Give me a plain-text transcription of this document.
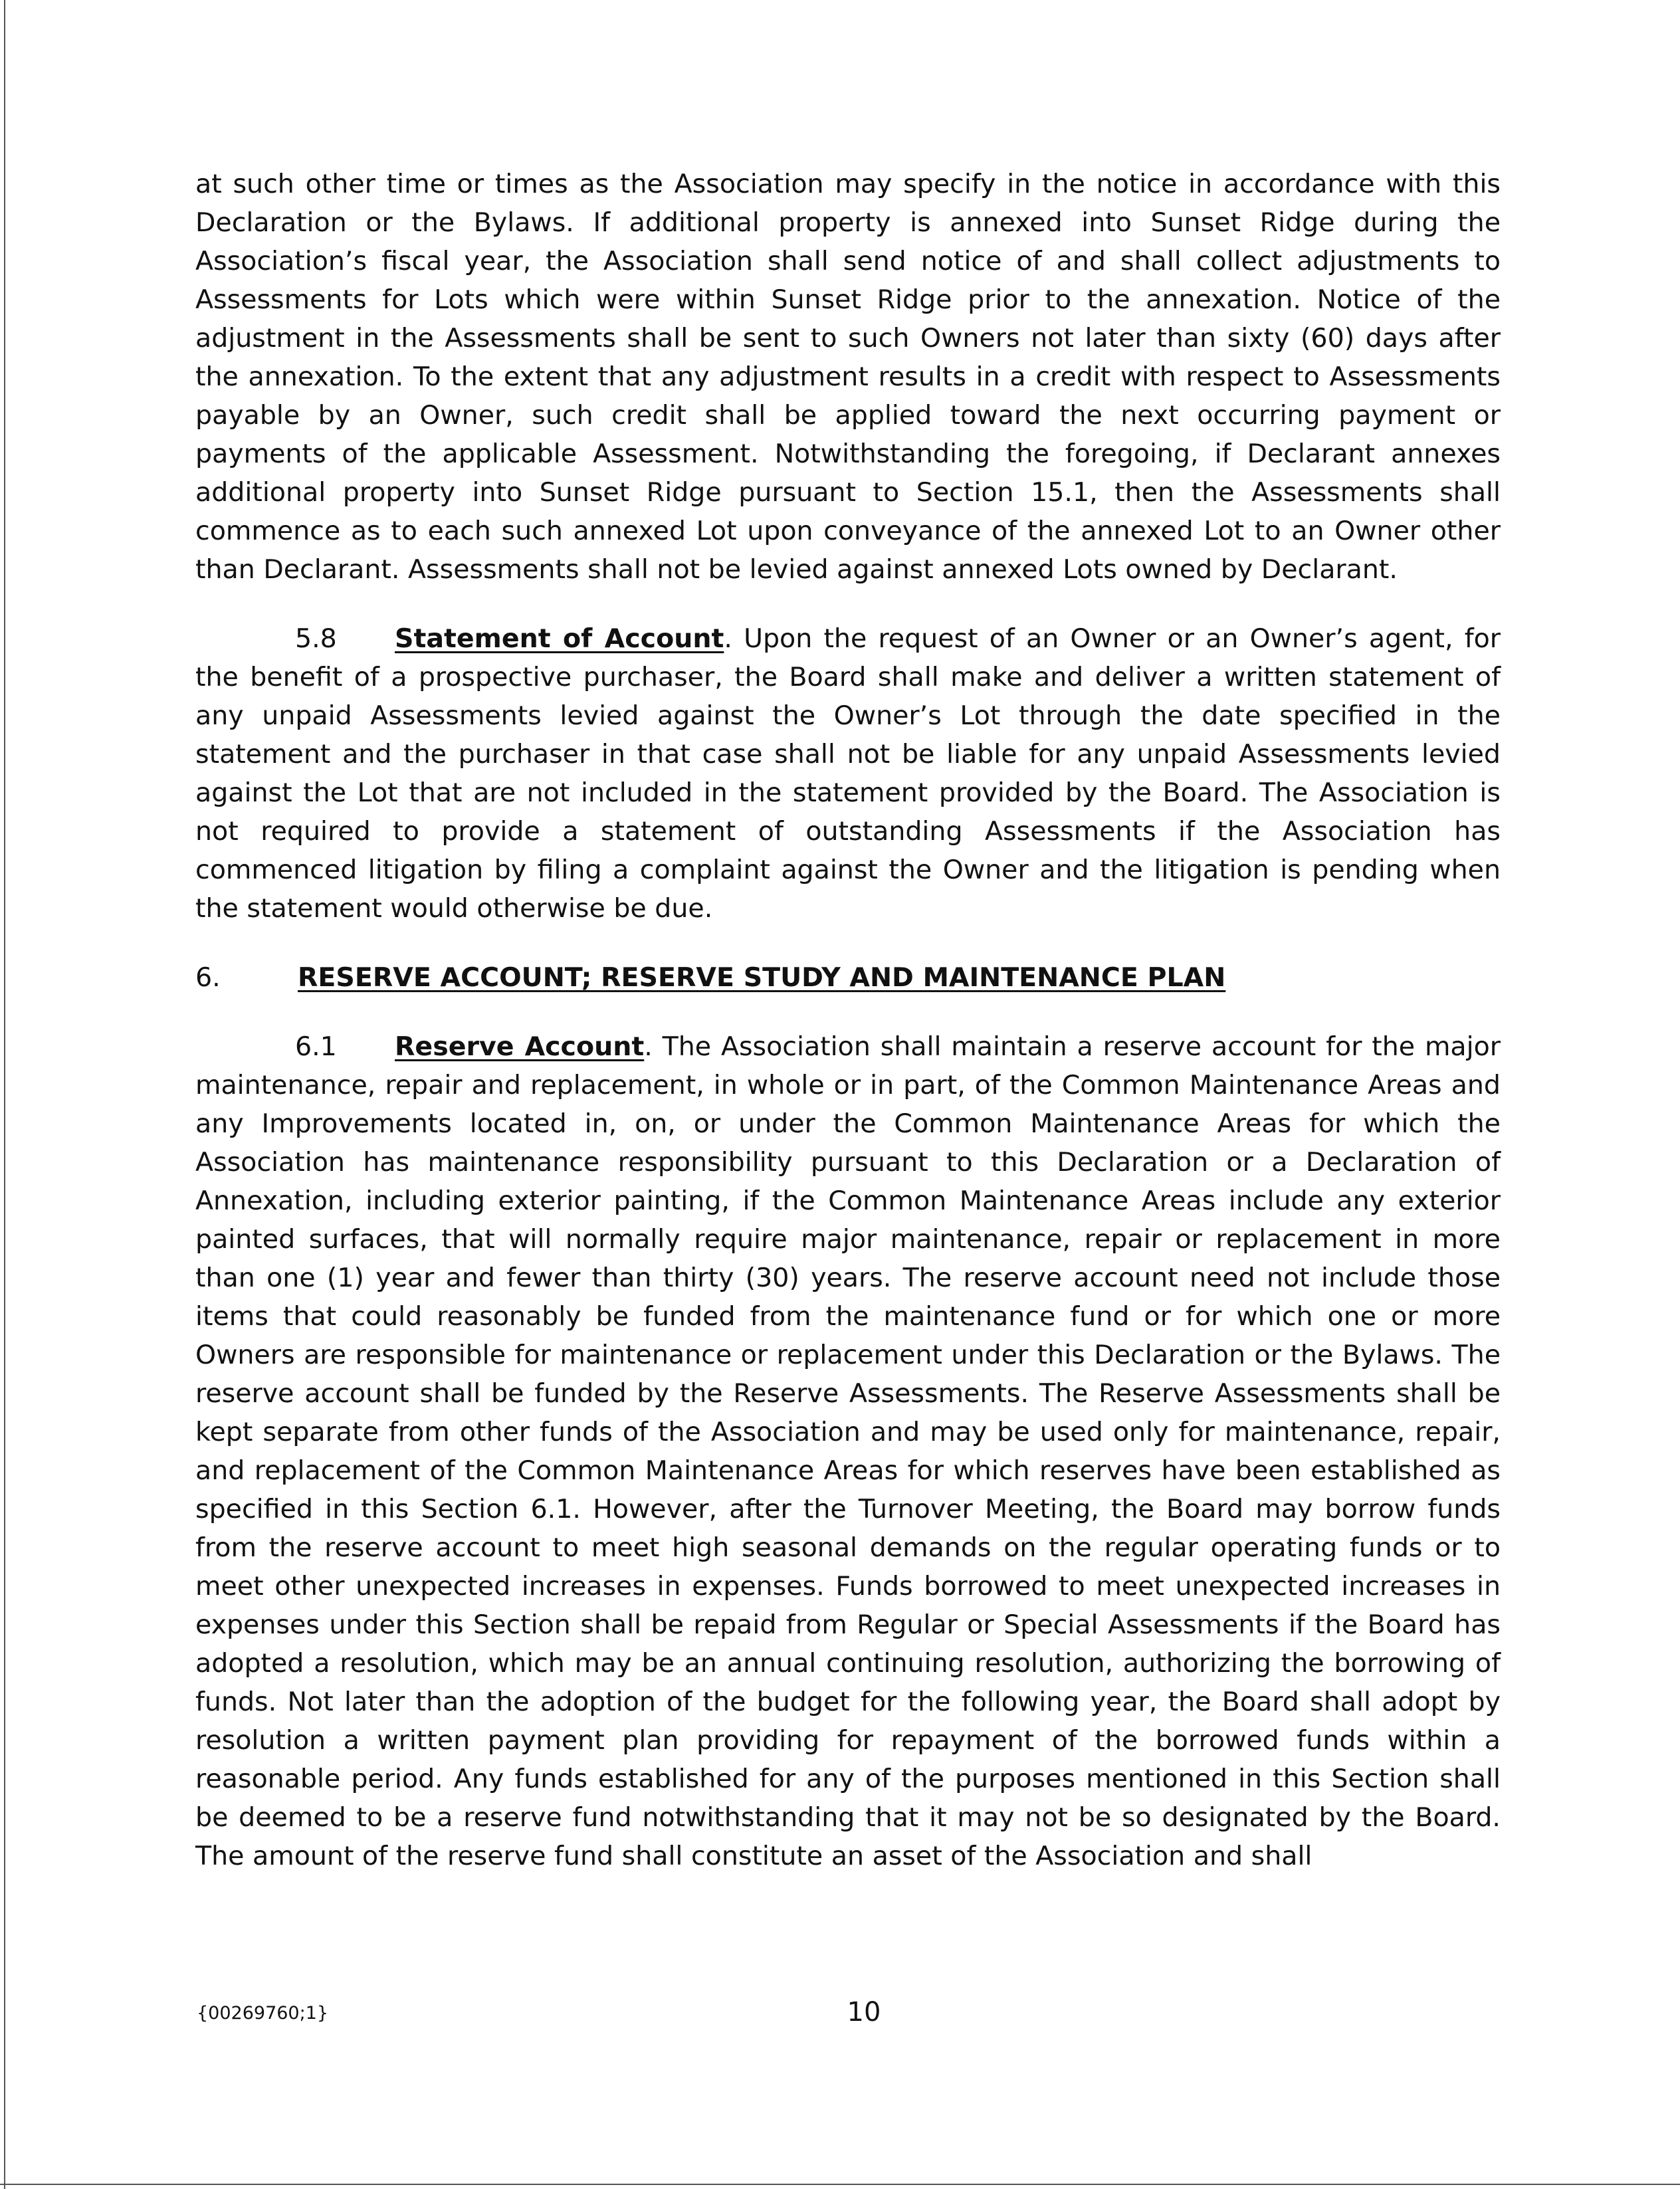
at such other time or times as the Association may specify in the notice in accordance with this Declaration or the Bylaws. If additional property is annexed into Sunset Ridge during the Association’s fiscal year, the Association shall send notice of and shall collect adjustments to Assessments for Lots which were within Sunset Ridge prior to the annexation. Notice of the adjustment in the Assessments shall be sent to such Owners not later than sixty (60) days after the annexation. To the extent that any adjustment results in a credit with respect to Assessments payable by an Owner, such credit shall be applied toward the next occurring payment or payments of the applicable Assessment. Notwithstanding the foregoing, if Declarant annexes additional property into Sunset Ridge pursuant to Section 15.1, then the Assessments shall commence as to each such annexed Lot upon conveyance of the annexed Lot to an Owner other than Declarant. Assessments shall not be levied against annexed Lots owned by Declarant.

5.8 Statement of Account. Upon the request of an Owner or an Owner’s agent, for the benefit of a prospective purchaser, the Board shall make and deliver a written statement of any unpaid Assessments levied against the Owner’s Lot through the date specified in the statement and the purchaser in that case shall not be liable for any unpaid Assessments levied against the Lot that are not included in the statement provided by the Board. The Association is not required to provide a statement of outstanding Assessments if the Association has commenced litigation by filing a complaint against the Owner and the litigation is pending when the statement would otherwise be due.

6.	RESERVE ACCOUNT; RESERVE STUDY AND MAINTENANCE PLAN

6.1 Reserve Account. The Association shall maintain a reserve account for the major maintenance, repair and replacement, in whole or in part, of the Common Maintenance Areas and any Improvements located in, on, or under the Common Maintenance Areas for which the Association has maintenance responsibility pursuant to this Declaration or a Declaration of Annexation, including exterior painting, if the Common Maintenance Areas include any exterior painted surfaces, that will normally require major maintenance, repair or replacement in more than one (1) year and fewer than thirty (30) years. The reserve account need not include those items that could reasonably be funded from the maintenance fund or for which one or more Owners are responsible for maintenance or replacement under this Declaration or the Bylaws. The reserve account shall be funded by the Reserve Assessments. The Reserve Assessments shall be kept separate from other funds of the Association and may be used only for maintenance, repair, and replacement of the Common Maintenance Areas for which reserves have been established as specified in this Section 6.1. However, after the Turnover Meeting, the Board may borrow funds from the reserve account to meet high seasonal demands on the regular operating funds or to meet other unexpected increases in expenses. Funds borrowed to meet unexpected increases in expenses under this Section shall be repaid from Regular or Special Assessments if the Board has adopted a resolution, which may be an annual continuing resolution, authorizing the borrowing of funds. Not later than the adoption of the budget for the following year, the Board shall adopt by resolution a written payment plan providing for repayment of the borrowed funds within a reasonable period. Any funds established for any of the purposes mentioned in this Section shall be deemed to be a reserve fund notwithstanding that it may not be so designated by the Board. The amount of the reserve fund shall constitute an asset of the Association and shall

{00269760;1}	10
